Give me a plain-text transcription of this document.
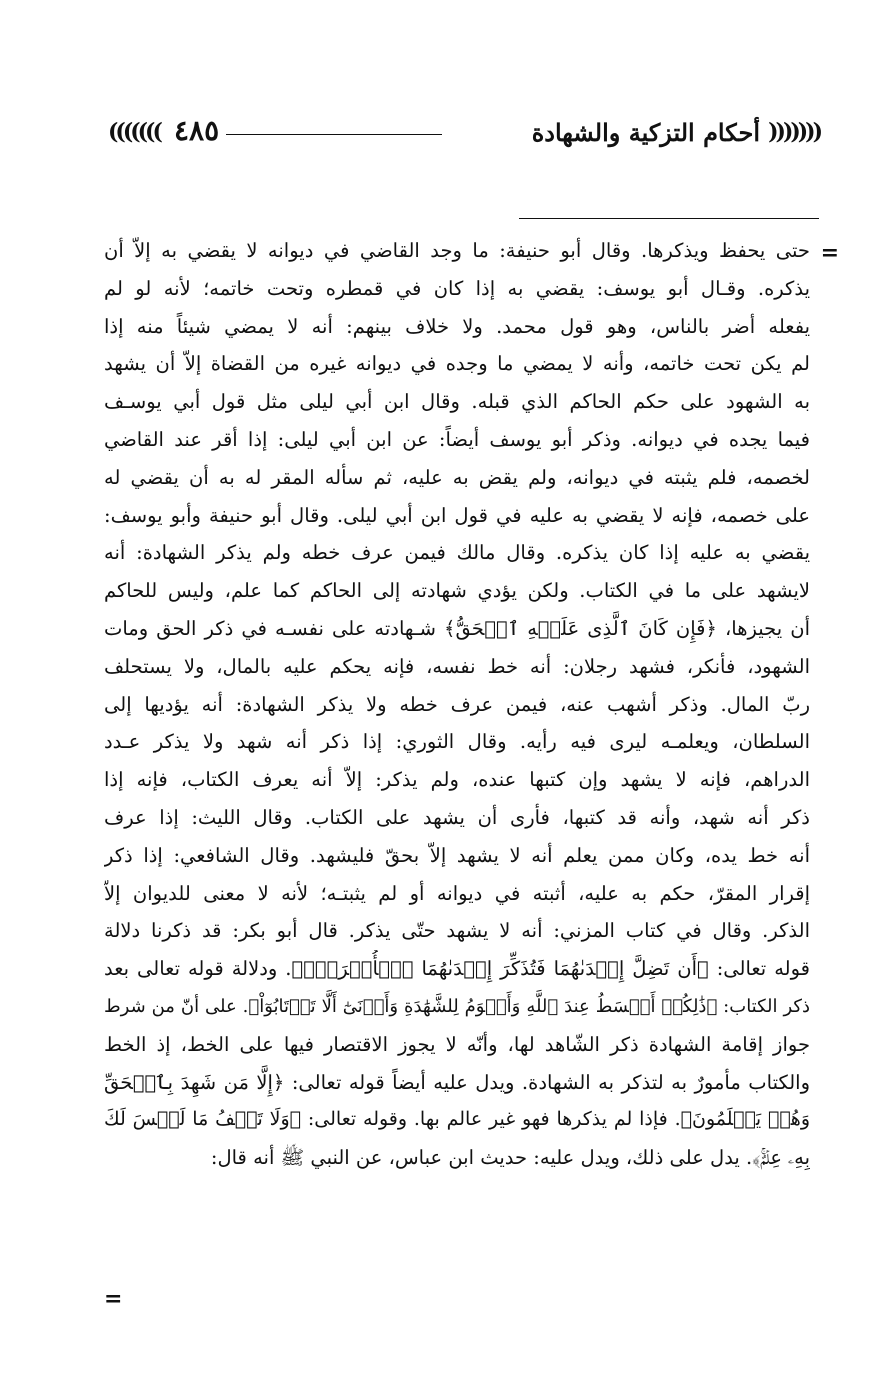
(((((((
أحكام التزكية والشهادة
٤٨٥
)))))))
=
حتى يحفظ ويذكرها. وقال أبو حنيفة: ما وجد القاضي في ديوانه لا يقضي به إلاّ أن
يذكره. وقـال أبو يوسف: يقضي به إذا كان في قمطره وتحت خاتمه؛ لأنه لو لم
يفعله أضر بالناس، وهو قول محمد. ولا خلاف بينهم: أنه لا يمضي شيئاً منه إذا
لم يكن تحت خاتمه، وأنه لا يمضي ما وجده في ديوانه غيره من القضاة إلاّ أن يشهد
به الشهود على حكم الحاكم الذي قبله. وقال ابن أبي ليلى مثل قول أبي يوسـف
فيما يجده في ديوانه. وذكر أبو يوسف أيضاً: عن ابن أبي ليلى: إذا أقر عند القاضي
لخصمه، فلم يثبته في ديوانه، ولم يقض به عليه، ثم سأله المقر له به أن يقضي له
على خصمه، فإنه لا يقضي به عليه في قول ابن أبي ليلى. وقال أبو حنيفة وأبو يوسف:
يقضي به عليه إذا كان يذكره. وقال مالك فيمن عرف خطه ولم يذكر الشهادة: أنه
لايشهد على ما في الكتاب. ولكن يؤدي شهادته إلى الحاكم كما علم، وليس للحاكم
أن يجيزها، ﴿فَإِن كَانَ ٱلَّذِى عَلَيۡهِ ٱلۡحَقُّ﴾ شـهادته على نفسـه في ذكر الحق ومات
الشهود، فأنكر، فشهد رجلان: أنه خط نفسه، فإنه يحكم عليه بالمال، ولا يستحلف
ربّ المال. وذكر أشهب عنه، فيمن عرف خطه ولا يذكر الشهادة: أنه يؤديها إلى
السلطان، ويعلمـه ليرى فيه رأيه. وقال الثوري: إذا ذكر أنه شهد ولا يذكر عـدد
الدراهم، فإنه لا يشهد وإن كتبها عنده، ولم يذكر: إلاّ أنه يعرف الكتاب، فإنه إذا
ذكر أنه شهد، وأنه قد كتبها، فأرى أن يشهد على الكتاب. وقال الليث: إذا عرف
أنه خط يده، وكان ممن يعلم أنه لا يشهد إلاّ بحقّ فليشهد. وقال الشافعي: إذا ذكر
إقرار المقرّ، حكم به عليه، أثبته في ديوانه أو لم يثبتـه؛ لأنه لا معنى للديوان إلاّ
الذكر. وقال في كتاب المزني: أنه لا يشهد حتّى يذكر. قال أبو بكر: قد ذكرنا دلالة
قوله تعالى: ﴿أَن تَضِلَّ إِحۡدَىٰهُمَا فَتُذَكِّرَ إِحۡدَىٰهُمَا ٱلۡأُخۡرَىٰۚ﴾. ودلالة قوله تعالى بعد
ذكر الكتاب: ﴿ذَٰلِكُمۡ أَقۡسَطُ عِندَ ٱللَّهِ وَأَقۡوَمُ لِلشَّهَٰدَةِ وَأَدۡنَىٰٓ أَلَّا تَرۡتَابُوٓاْ﴾. على أنّ من شرط
جواز إقامة الشهادة ذكر الشّاهد لها، وأنّه لا يجوز الاقتصار فيها على الخط، إذ الخط
والكتاب مأمورٌ به لتذكر به الشهادة. ويدل عليه أيضاً قوله تعالى: ﴿إِلَّا مَن شَهِدَ بِٱلۡحَقِّ
وَهُمۡ يَعۡلَمُونَ﴾. فإذا لم يذكرها فهو غير عالم بها. وقوله تعالى: ﴿وَلَا تَقۡفُ مَا لَيۡسَ لَكَ
بِهِۦ عِلۡمٌۚ﴾. يدل على ذلك، ويدل عليه: حديث ابن عباس، عن النبي ﷺ أنه قال:
=
